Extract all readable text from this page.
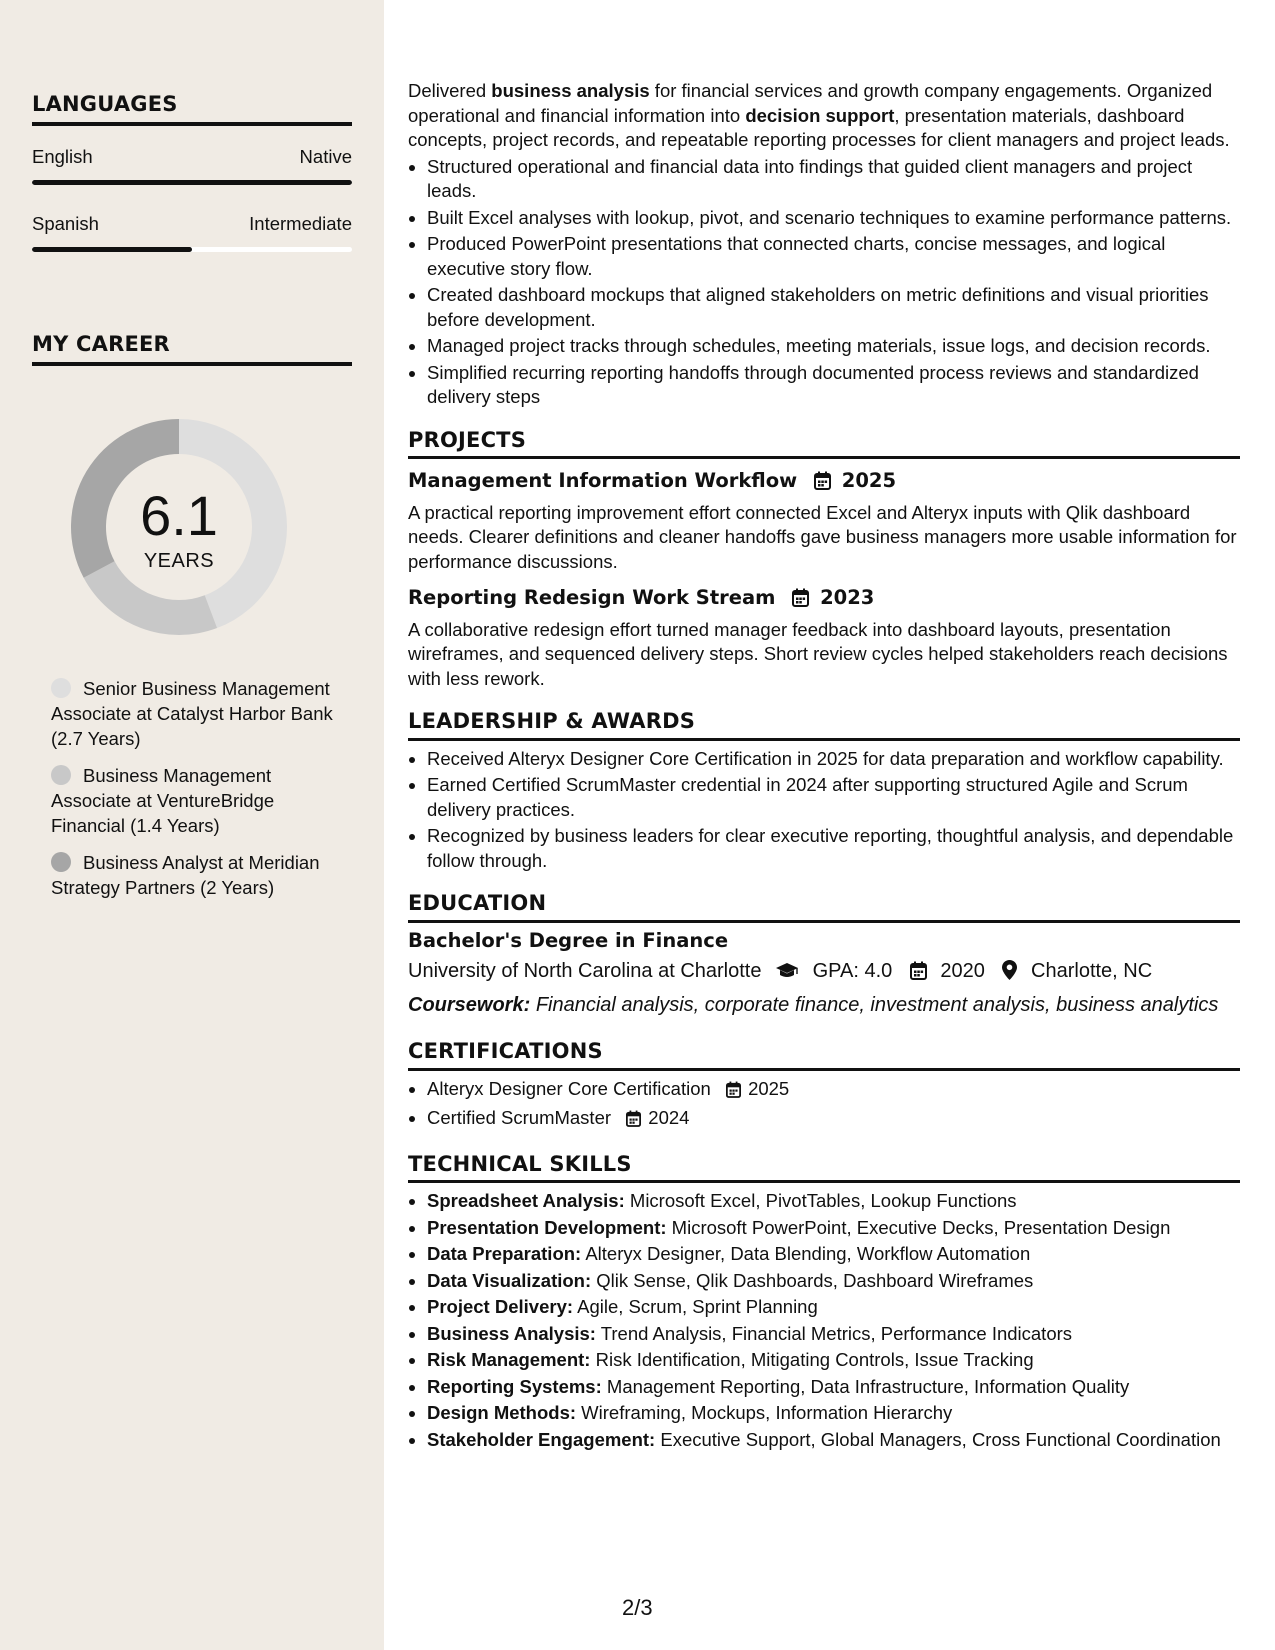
LANGUAGES
English	Native
Spanish	Intermediate
MY CAREER
6.1
YEARS
Senior Business Management Associate at Catalyst Harbor Bank (2.7 Years)
Business Management Associate at VentureBridge Financial (1.4 Years)
Business Analyst at Meridian Strategy Partners (2 Years)

Delivered business analysis for financial services and growth company engagements. Organized operational and financial information into decision support, presentation materials, dashboard concepts, project records, and repeatable reporting processes for client managers and project leads.

• Structured operational and financial data into findings that guided client managers and project leads.
• Built Excel analyses with lookup, pivot, and scenario techniques to examine performance patterns.
• Produced PowerPoint presentations that connected charts, concise messages, and logical executive story flow.
• Created dashboard mockups that aligned stakeholders on metric definitions and visual priorities before development.
• Managed project tracks through schedules, meeting materials, issue logs, and decision records.
• Simplified recurring reporting handoffs through documented process reviews and standardized delivery steps
PROJECTS
Management Information Workflow 2025

A practical reporting improvement effort connected Excel and Alteryx inputs with Qlik dashboard needs. Clearer definitions and cleaner handoffs gave business managers more usable information for performance discussions.

Reporting Redesign Work Stream 2023

A collaborative redesign effort turned manager feedback into dashboard layouts, presentation wireframes, and sequenced delivery steps. Short review cycles helped stakeholders reach decisions with less rework.

LEADERSHIP & AWARDS
• Received Alteryx Designer Core Certification in 2025 for data preparation and workflow capability.
• Earned Certified ScrumMaster credential in 2024 after supporting structured Agile and Scrum delivery practices.
• Recognized by business leaders for clear executive reporting, thoughtful analysis, and dependable follow through.
EDUCATION
Bachelor's Degree in Finance
University of North Carolina at Charlotte	GPA: 4.0 2020 Charlotte, NC
Coursework: Financial analysis, corporate finance, investment analysis, business analytics
CERTIFICATIONS
• Alteryx Designer Core Certification 2025
• Certified ScrumMaster 2024
TECHNICAL SKILLS
• Spreadsheet Analysis: Microsoft Excel, PivotTables, Lookup Functions
• Presentation Development: Microsoft PowerPoint, Executive Decks, Presentation Design
• Data Preparation: Alteryx Designer, Data Blending, Workflow Automation
• Data Visualization: Qlik Sense, Qlik Dashboards, Dashboard Wireframes
• Project Delivery: Agile, Scrum, Sprint Planning
• Business Analysis: Trend Analysis, Financial Metrics, Performance Indicators
• Risk Management: Risk Identification, Mitigating Controls, Issue Tracking
• Reporting Systems: Management Reporting, Data Infrastructure, Information Quality
• Design Methods: Wireframing, Mockups, Information Hierarchy
• Stakeholder Engagement: Executive Support, Global Managers, Cross Functional Coordination
2/3
